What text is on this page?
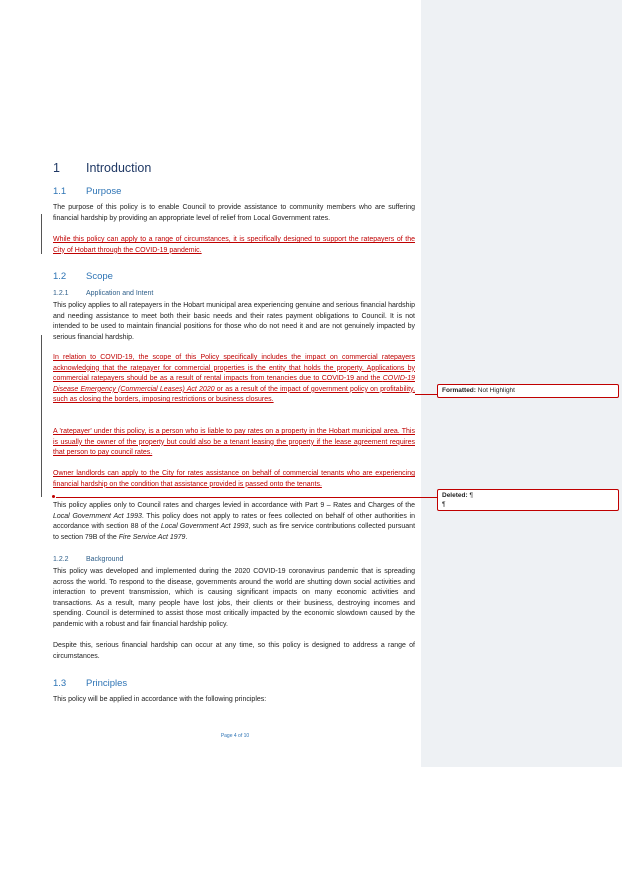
1 Introduction
1.1 Purpose

The purpose of this policy is to enable Council to provide assistance to community members who are suffering financial hardship by providing an appropriate level of relief from Local Government rates.

While this policy can apply to a range of circumstances, it is specifically designed to support the ratepayers of the City of Hobart through the COVID-19 pandemic.

1.2 Scope
1.2.1 Application and Intent

This policy applies to all ratepayers in the Hobart municipal area experiencing genuine and serious financial hardship and needing assistance to meet both their basic needs and their rates payment obligations to Council. It is not intended to be used to maintain financial positions for those who do not need it and are not genuinely impacted by serious financial hardship.

In relation to COVID-19, the scope of this Policy specifically includes the impact on commercial ratepayers acknowledging that the ratepayer for commercial properties is the entity that holds the property. Applications by commercial ratepayers should be as a result of rental impacts from tenancies due to COVID-19 and the COVID-19 Disease Emergency (Commercial Leases) Act 2020 or as a result of the impact of government policy on profitability, such as closing the borders, imposing restrictions or business closures.

A 'ratepayer' under this policy, is a person who is liable to pay rates on a property in the Hobart municipal area. This is usually the owner of the property but could also be a tenant leasing the property if the lease agreement requires that person to pay council rates.

Owner landlords can apply to the City for rates assistance on behalf of commercial tenants who are experiencing financial hardship on the condition that assistance provided is passed onto the tenants.

This policy applies only to Council rates and charges levied in accordance with Part 9 – Rates and Charges of the Local Government Act 1993. This policy does not apply to rates or fees collected on behalf of other authorities in accordance with section 88 of the Local Government Act 1993, such as fire service contributions collected pursuant to section 79B of the Fire Service Act 1979.

1.2.2 Background

This policy was developed and implemented during the 2020 COVID-19 coronavirus pandemic that is spreading across the world. To respond to the disease, governments around the world are shutting down social activities and interaction to prevent transmission, which is causing significant impacts on many economic activities and transactions. As a result, many people have lost jobs, their clients or their business, destroying incomes and spending. Council is determined to assist those most critically impacted by the economic slowdown caused by the pandemic with a robust and fair financial hardship policy.

Despite this, serious financial hardship can occur at any time, so this policy is designed to address a range of circumstances.

1.3 Principles

This policy will be applied in accordance with the following principles:

Page 4 of 10
Formatted: Not Highlight
Deleted: ¶
¶
